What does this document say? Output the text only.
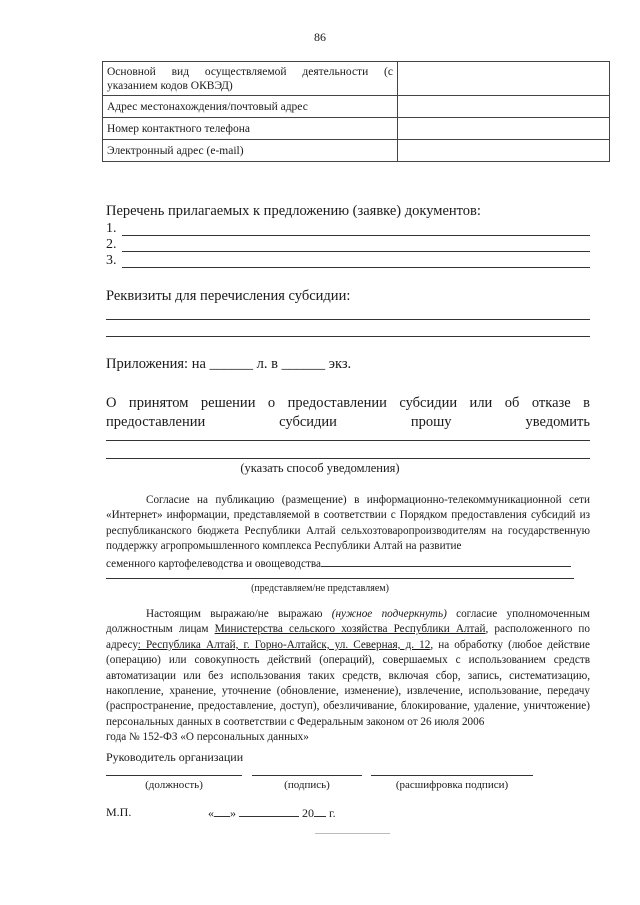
86
Основной вид осуществляемой деятельности (с указанием кодов ОКВЭД)	
Адрес местонахождения/почтовый адрес	
Номер контактного телефона	
Электронный адрес (e-mail)	
Перечень прилагаемых к предложению (заявке) документов:
1.
2.
3.
Реквизиты для перечисления субсидии:
Приложения: на ______ л. в ______ экз.
О принятом решении о предоставлении субсидии или об отказе в
предоставлении	субсидии	прошу	уведомить
(указать способ уведомления)
Согласие на публикацию (размещение) в информационно-телекоммуникационной сети «Интернет» информации, представляемой в соответствии с Порядком предоставления субсидий из республиканского бюджета Республики Алтай сельхозтоваропроизводителям на государственную поддержку агропромышленного комплекса Республики Алтай на развитие
семенного картофелеводства и овощеводства
(представляем/не представляем)
Настоящим выражаю/не выражаю (нужное подчеркнуть) согласие уполномоченным должностным лицам Министерства сельского хозяйства Республики Алтай, расположенного по адресу: Республика Алтай, г. Горно-Алтайск, ул. Северная, д. 12, на обработку (любое действие (операцию) или совокупность действий (операций), совершаемых с использованием средств автоматизации или без использования таких средств, включая сбор, запись, систематизацию, накопление, хранение, уточнение (обновление, изменение), извлечение, использование, передачу (распространение, предоставление, доступ), обезличивание, блокирование, удаление, уничтожение) персональных данных в соответствии с Федеральным законом от 26 июля 2006
года № 152-ФЗ «О персональных данных»
Руководитель организации
(должность)	(подпись)	(расшифровка подписи)
М.П.	« »	20 г.
